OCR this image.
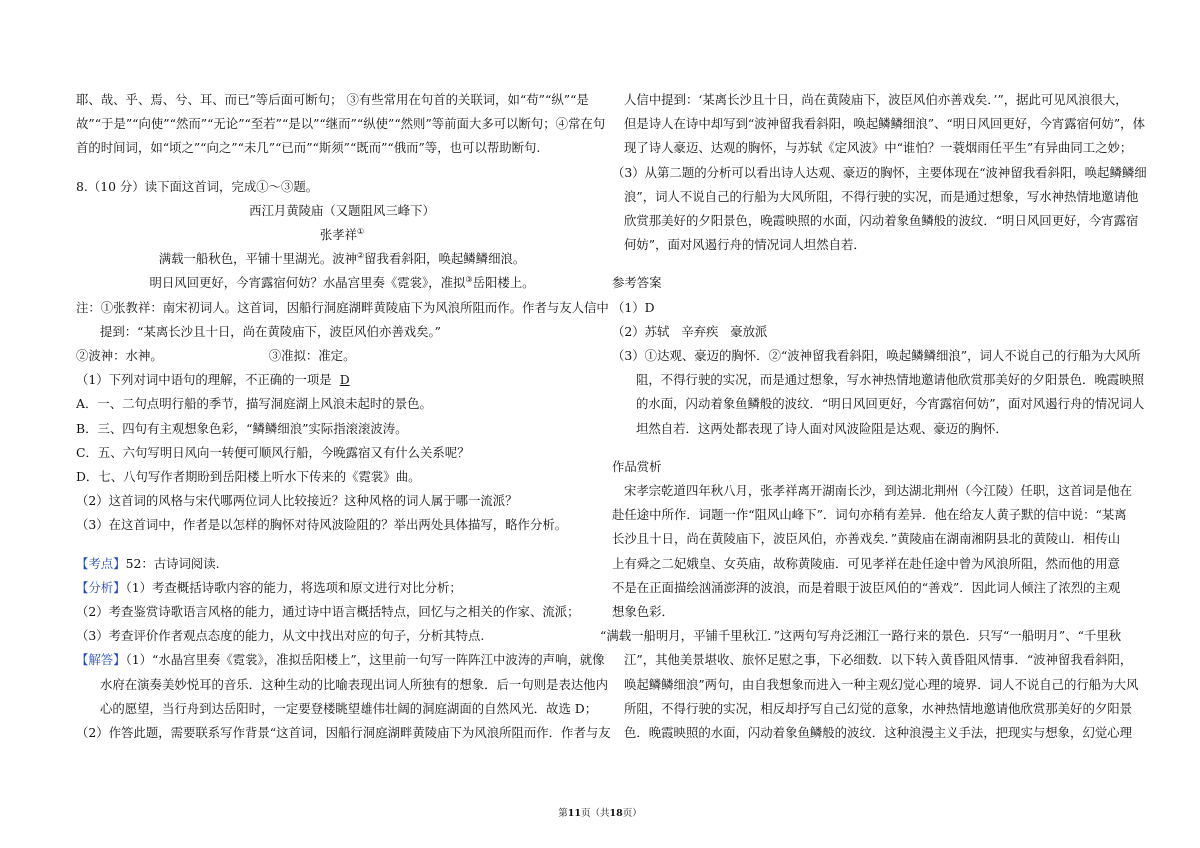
耶、哉、乎、焉、兮、耳、而已”等后面可断句； ③有些常用在句首的关联词，如“苟”“纵”“是

故”“于是”“向使”“然而”“无论”“至若”“是以”“继而”“纵使”“然则”等前面大多可以断句；④常在句

首的时间词，如“顷之”“向之”“未几”“已而”“斯须”“既而”“俄而”等，也可以帮助断句.

8.（10 分）读下面这首词，完成①～③题。

西江月黄陵庙（又题阻风三峰下）

张孝祥①

满载一船秋色，平铺十里湖光。波神②留我看斜阳，唤起鳞鳞细浪。

明日风回更好，今宵露宿何妨？水晶宫里奏《霓裳》，准拟③岳阳楼上。

注：①张教祥：南宋初词人。这首词，因船行洞庭湖畔黄陵庙下为风浪所阻而作。作者与友人信中

提到：“某离长沙且十日，尚在黄陵庙下，波臣风伯亦善戏矣。”

②波神：水神。	③准拟：准定。

（1）下列对词中语句的理解，不正确的一项是 D

A．一、二句点明行船的季节，描写洞庭湖上风浪未起时的景色。

B．三、四句有主观想象色彩，“鳞鳞细浪”实际指滚滚波涛。

C．五、六句写明日风向一转便可顺风行船，今晚露宿又有什么关系呢？

D．七、八句写作者期盼到岳阳楼上听水下传来的《霓裳》曲。

（2）这首词的风格与宋代哪两位词人比较接近？这种风格的词人属于哪一流派？

（3）在这首词中，作者是以怎样的胸怀对待风波险阻的？举出两处具体描写，略作分析。

【考点】52：古诗词阅读.

【分析】（1）考查概括诗歌内容的能力，将选项和原文进行对比分析；

（2）考查鉴赏诗歌语言风格的能力，通过诗中语言概括特点，回忆与之相关的作家、流派；

（3）考查评价作者观点态度的能力，从文中找出对应的句子，分析其特点.

【解答】（1）“水晶宫里奏《霓裳》，准拟岳阳楼上”，这里前一句写一阵阵江中波涛的声响，就像

水府在演奏美妙悦耳的音乐．这种生动的比喻表现出词人所独有的想象．后一句则是表达他内

心的愿望，当行舟到达岳阳时，一定要登楼眺望雄伟壮阔的洞庭湖面的自然风光．故选 D；

（2）作答此题，需要联系写作背景“这首词，因船行洞庭湖畔黄陵庙下为风浪所阻而作．作者与友

人信中提到：‘某离长沙且十日，尚在黄陵庙下，波臣风伯亦善戏矣．’”，据此可见风浪很大，

但是诗人在诗中却写到“波神留我看斜阳，唤起鳞鳞细浪”、“明日风回更好，今宵露宿何妨”，体

现了诗人豪迈、达观的胸怀，与苏轼《定风波》中“谁怕？一蓑烟雨任平生”有异曲同工之妙；

（3）从第二题的分析可以看出诗人达观、豪迈的胸怀，主要体现在“波神留我看斜阳，唤起鳞鳞细

浪”，词人不说自己的行船为大风所阻，不得行驶的实况，而是通过想象，写水神热情地邀请他

欣赏那美好的夕阳景色，晚霞映照的水面，闪动着象鱼鳞般的波纹．“明日风回更好，今宵露宿

何妨”，面对风遏行舟的情况词人坦然自若．

参考答案

（1）D

（2）苏轼   辛弃疾   豪放派

（3）①达观、豪迈的胸怀．②“波神留我看斜阳，唤起鳞鳞细浪”，词人不说自己的行船为大风所

阻，不得行驶的实况，而是通过想象，写水神热情地邀请他欣赏那美好的夕阳景色．晚霞映照

的水面，闪动着象鱼鳞般的波纹．“明日风回更好，今宵露宿何妨”，面对风遏行舟的情况词人

坦然自若．这两处都表现了诗人面对风波险阻是达观、豪迈的胸怀．

作品赏析

宋孝宗乾道四年秋八月，张孝祥离开湖南长沙，到达湖北荆州（今江陵）任职，这首词是他在

赴任途中所作．词题一作“阻风山峰下”．词句亦稍有差异．他在给友人黄子默的信中说：“某离

长沙且十日，尚在黄陵庙下，波臣风伯，亦善戏矣．”黄陵庙在湖南湘阴县北的黄陵山．相传山

上有舜之二妃娥皇、女英庙，故称黄陵庙．可见孝祥在赴任途中曾为风浪所阻，然而他的用意

不是在正面描绘汹涌澎湃的波浪，而是着眼于波臣风伯的“善戏”．因此词人倾注了浓烈的主观

想象色彩．

“满载一船明月，平铺千里秋江．”这两句写舟泛湘江一路行来的景色．只写“一船明月”、“千里秋

江”，其他美景堪收、旅怀足慰之事，下必细数．以下转入黄昏阻风情事．“波神留我看斜阳，

唤起鳞鳞细浪”两句，由自我想象而进入一种主观幻觉心理的境界．词人不说自己的行船为大风

所阻，不得行驶的实况，相反却抒写自己幻觉的意象，水神热情地邀请他欣赏那美好的夕阳景

色．晚霞映照的水面，闪动着象鱼鳞般的波纹．这种浪漫主义手法，把现实与想象，幻觉心理

第11页（共18页）
